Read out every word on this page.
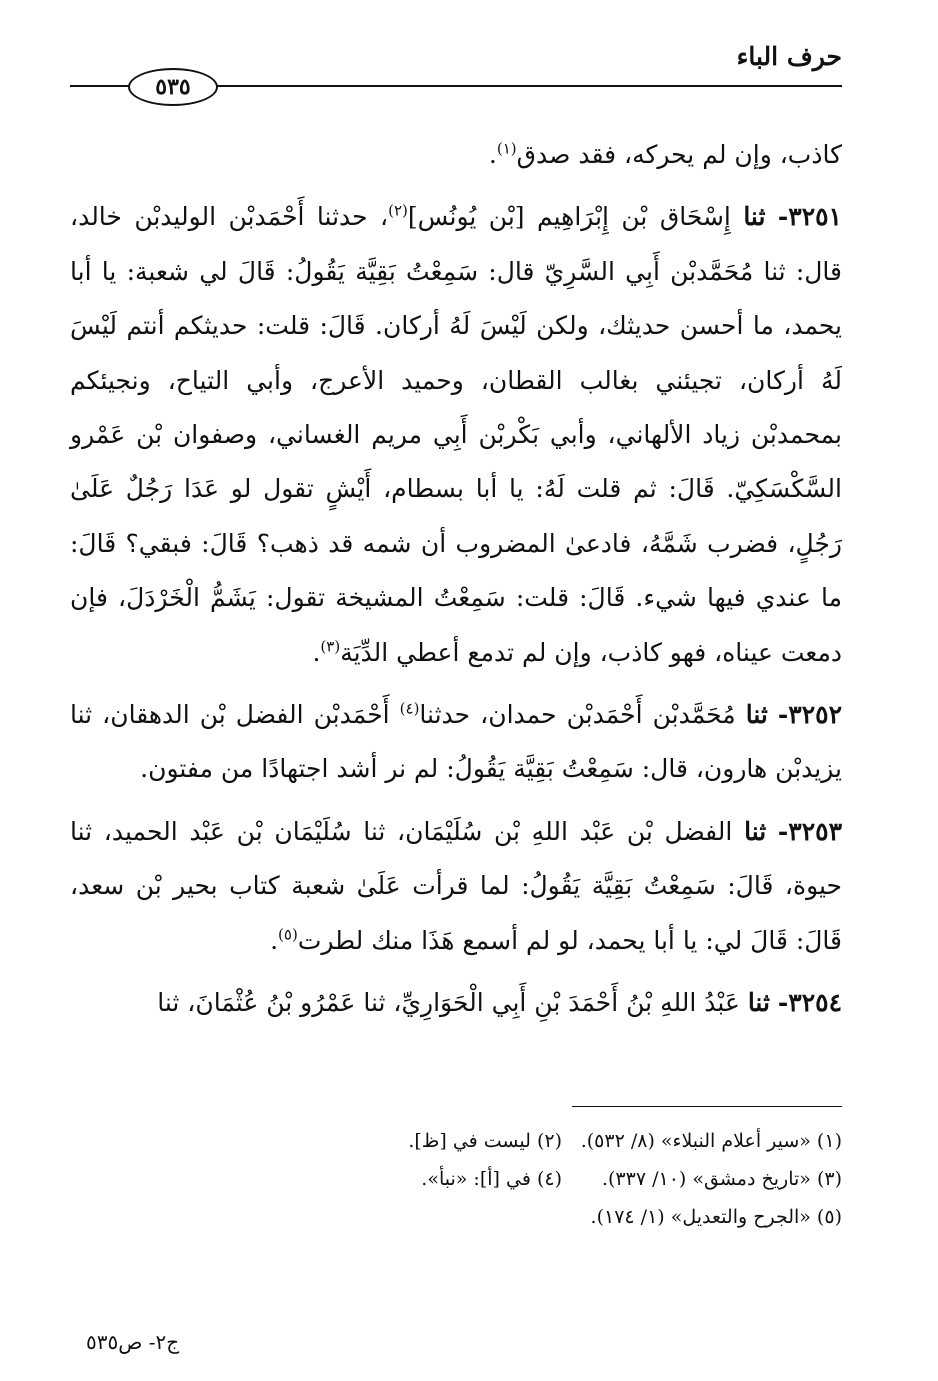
حرف الباء
٥٣٥

كاذب، وإن لم يحركه، فقد صدق$^{(١)}$.

٣٢٥١- ثنا إِسْحَاق بْن إِبْرَاهِيم [بْن يُونُس]$^{(٢)}$، حدثنا أَحْمَدبْن الوليدبْن خالد، قال: ثنا مُحَمَّدبْن أَبِي السَّرِيّ قال: سَمِعْتُ بَقِيَّة يَقُولُ: قَالَ لي شعبة: يا أبا يحمد، ما أحسن حديثك، ولكن لَيْسَ لَهُ أركان. قَالَ: قلت: حديثكم أنتم لَيْسَ لَهُ أركان، تجيئني بغالب القطان، وحميد الأعرج، وأبي التياح، ونجيئكم بمحمدبْن زياد الألهاني، وأبي بَكْربْن أَبِي مريم الغساني، وصفوان بْن عَمْرو السَّكْسَكِيّ. قَالَ: ثم قلت لَهُ: يا أبا بسطام، أَيْشٍ تقول لو عَدَا رَجُلٌ عَلَىٰ رَجُلٍ، فضرب شَمَّهُ، فادعىٰ المضروب أن شمه قد ذهب؟ قَالَ: فبقي؟ قَالَ: ما عندي فيها شيء. قَالَ: قلت: سَمِعْتُ المشيخة تقول: يَشَمُّ الْخَرْدَلَ، فإن دمعت عيناه، فهو كاذب، وإن لم تدمع أعطي الدِّيَة$^{(٣)}$.

٣٢٥٢- ثنا مُحَمَّدبْن أَحْمَدبْن حمدان، حدثنا$^{(٤)}$ أَحْمَدبْن الفضل بْن الدهقان، ثنا يزيدبْن هارون، قال: سَمِعْتُ بَقِيَّة يَقُولُ: لم نر أشد اجتهادًا من مفتون.

٣٢٥٣- ثنا الفضل بْن عَبْد اللهِ بْن سُلَيْمَان، ثنا سُلَيْمَان بْن عَبْد الحميد، ثنا حيوة، قَالَ: سَمِعْتُ بَقِيَّة يَقُولُ: لما قرأت عَلَىٰ شعبة كتاب بحير بْن سعد، قَالَ: قَالَ لي: يا أبا يحمد، لو لم أسمع هَذَا منك لطرت$^{(٥)}$.

٣٢٥٤- ثنا عَبْدُ اللهِ بْنُ أَحْمَدَ بْنِ أَبِي الْحَوَارِيِّ، ثنا عَمْرُو بْنُ عُثْمَانَ، ثنا

(١) «سير أعلام النبلاء» (٨/ ٥٣٢).
(٢) ليست في [ظ].
(٣) «تاريخ دمشق» (١٠/ ٣٣٧).
(٤) في [أ]: «نبأ».
(٥) «الجرح والتعديل» (١/ ١٧٤).
ج٢- ص٥٣٥
